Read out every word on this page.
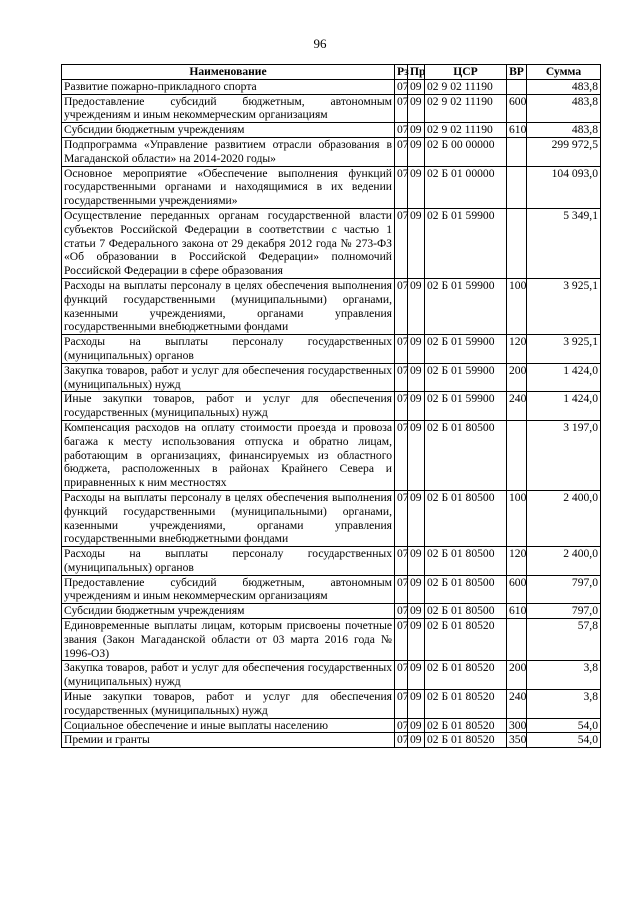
96
Наименование	Рз	Пр	ЦСР	ВР	Сумма
Развитие пожарно-прикладного спорта	07	09	02 9 02 11190		483,8
Предоставление субсидий бюджетным, автономным учреждениям и иным некоммерческим организациям	07	09	02 9 02 11190	600	483,8
Субсидии бюджетным учреждениям	07	09	02 9 02 11190	610	483,8
Подпрограмма «Управление развитием отрасли образования в Магаданской области» на 2014-2020 годы»	07	09	02 Б 00 00000		299 972,5
Основное мероприятие «Обеспечение выполнения функций государственными органами и находящимися в их ведении государственными учреждениями»	07	09	02 Б 01 00000		104 093,0
Осуществление переданных органам государственной власти субъектов Российской Федерации в соответствии с частью 1 статьи 7 Федерального закона от 29 декабря 2012 года № 273-ФЗ «Об образовании в Российской Федерации» полномочий Российской Федерации в сфере образования	07	09	02 Б 01 59900		5 349,1
Расходы на выплаты персоналу в целях обеспечения выполнения функций государственными (муниципальными) органами, казенными учреждениями, органами управления государственными внебюджетными фондами	07	09	02 Б 01 59900	100	3 925,1
Расходы на выплаты персоналу государственных (муниципальных) органов	07	09	02 Б 01 59900	120	3 925,1
Закупка товаров, работ и услуг для обеспечения государственных (муниципальных) нужд	07	09	02 Б 01 59900	200	1 424,0
Иные закупки товаров, работ и услуг для обеспечения государственных (муниципальных) нужд	07	09	02 Б 01 59900	240	1 424,0
Компенсация расходов на оплату стоимости проезда и провоза багажа к месту использования отпуска и обратно лицам, работающим в организациях, финансируемых из областного бюджета, расположенных в районах Крайнего Севера и приравненных к ним местностях	07	09	02 Б 01 80500		3 197,0
Расходы на выплаты персоналу в целях обеспечения выполнения функций государственными (муниципальными) органами, казенными учреждениями, органами управления государственными внебюджетными фондами	07	09	02 Б 01 80500	100	2 400,0
Расходы на выплаты персоналу государственных (муниципальных) органов	07	09	02 Б 01 80500	120	2 400,0
Предоставление субсидий бюджетным, автономным учреждениям и иным некоммерческим организациям	07	09	02 Б 01 80500	600	797,0
Субсидии бюджетным учреждениям	07	09	02 Б 01 80500	610	797,0
Единовременные выплаты лицам, которым присвоены почетные звания (Закон Магаданской области от 03 марта 2016 года № 1996-ОЗ)	07	09	02 Б 01 80520		57,8
Закупка товаров, работ и услуг для обеспечения государственных (муниципальных) нужд	07	09	02 Б 01 80520	200	3,8
Иные закупки товаров, работ и услуг для обеспечения государственных (муниципальных) нужд	07	09	02 Б 01 80520	240	3,8
Социальное обеспечение и иные выплаты населению	07	09	02 Б 01 80520	300	54,0
Премии и гранты	07	09	02 Б 01 80520	350	54,0
